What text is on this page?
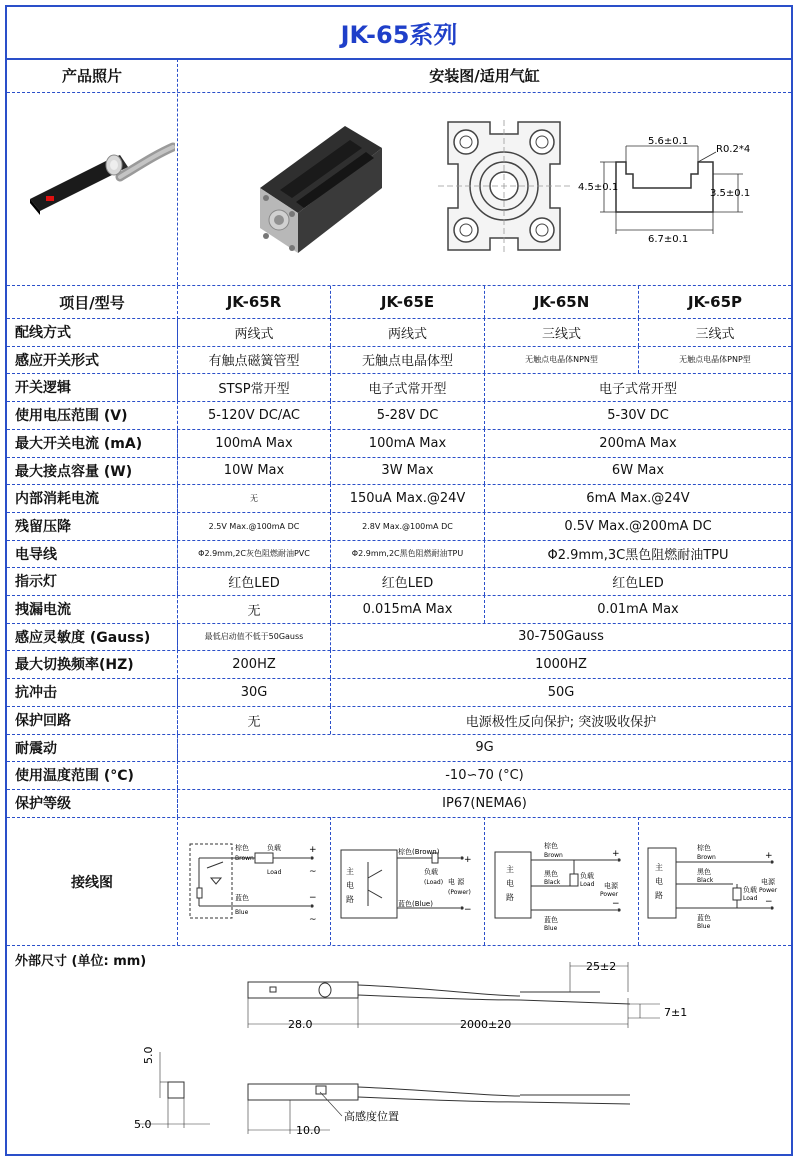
JK-65系列
产品照片	安装图/适用气缸
5.6±0.1
R0.2*4
4.5±0.1
3.5±0.1
6.7±0.1
项目/型号	JK-65R	JK-65E	JK-65N	JK-65P
配线方式	两线式	两线式	三线式	三线式
感应开关形式	有触点磁簧管型	无触点电晶体型	无触点电晶体NPN型	无触点电晶体PNP型
开关逻辑	STSP常开型	电子式常开型	电子式常开型
使用电压范围 (V)	5-120V DC/AC	5-28V DC	5-30V DC
最大开关电流 (mA)	100mA Max	100mA Max	200mA Max
最大接点容量 (W)	10W Max	3W Max	6W Max
内部消耗电流	无	150uA Max.@24V	6mA Max.@24V
残留压降	2.5V Max.@100mA DC	2.8V Max.@100mA DC	0.5V Max.@200mA DC
电导线	Φ2.9mm,2C灰色阻燃耐油PVC	Φ2.9mm,2C黑色阻燃耐油TPU	Φ2.9mm,3C黑色阻燃耐油TPU
指示灯	红色LED	红色LED	红色LED
拽漏电流	无	0.015mA Max	0.01mA Max
感应灵敏度 (Gauss)	最低启动值不低于50Gauss	30-750Gauss
最大切换频率(HZ)	200HZ	1000HZ
抗冲击	30G	50G
保护回路	无	电源极性反向保护; 突波吸收保护
耐震动	9G
使用温度范围 (°C)	-10∽70 (°C)
保护等级	IP67(NEMA6)
接线图
棕色
Brown
负载
Load
蓝色
Blue
+
−
~
~
主
电
路
棕色(Brown)
负载
(Load) 电 源
(Power)
蓝色(Blue)
+
−
主
电
路
棕色
Brown
黑色
Black
负载
Load 电源
Power
蓝色
Blue
+
−
主
电
路
棕色
Brown
黑色
Black
负载
Load
电源
Power
蓝色
Blue
+
−
外部尺寸 (单位: mm)	25±2
7±1
28.0	2000±20
5.0
5.0	10.0
高感度位置
